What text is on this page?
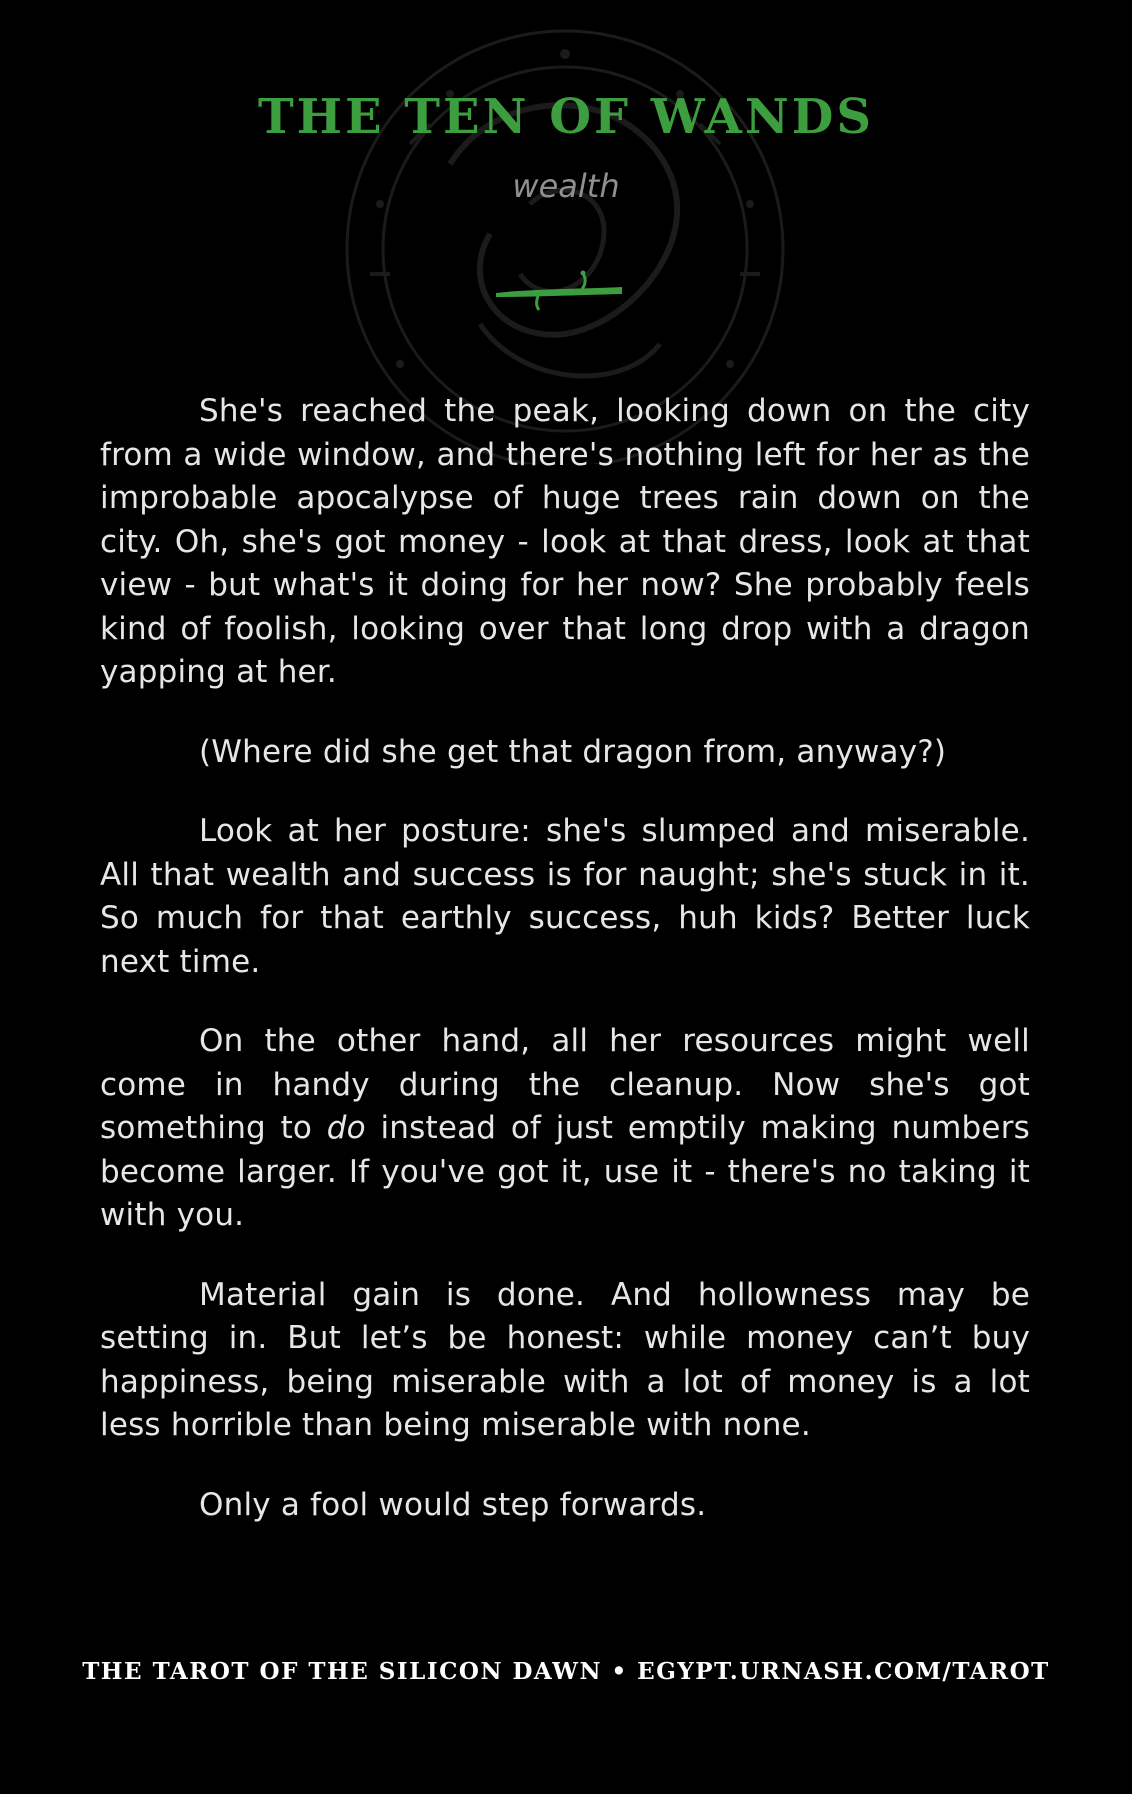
THE TEN OF WANDS
wealth

She's reached the peak, looking down on the city from a wide window, and there's nothing left for her as the improbable apocalypse of huge trees rain down on the city. Oh, she's got money - look at that dress, look at that view - but what's it doing for her now? She probably feels kind of foolish, looking over that long drop with a dragon yapping at her.

(Where did she get that dragon from, anyway?)

Look at her posture: she's slumped and miserable. All that wealth and success is for naught; she's stuck in it. So much for that earthly success, huh kids? Better luck next time.

On the other hand, all her resources might well come in handy during the cleanup. Now she's got something to do instead of just emptily making numbers become larger. If you've got it, use it - there's no taking it with you.

Material gain is done. And hollowness may be setting in. But let’s be honest: while money can’t buy happiness, being miserable with a lot of money is a lot less horrible than being miserable with none.

Only a fool would step forwards.

THE TAROT OF THE SILICON DAWN • EGYPT.URNASH.COM/TAROT
